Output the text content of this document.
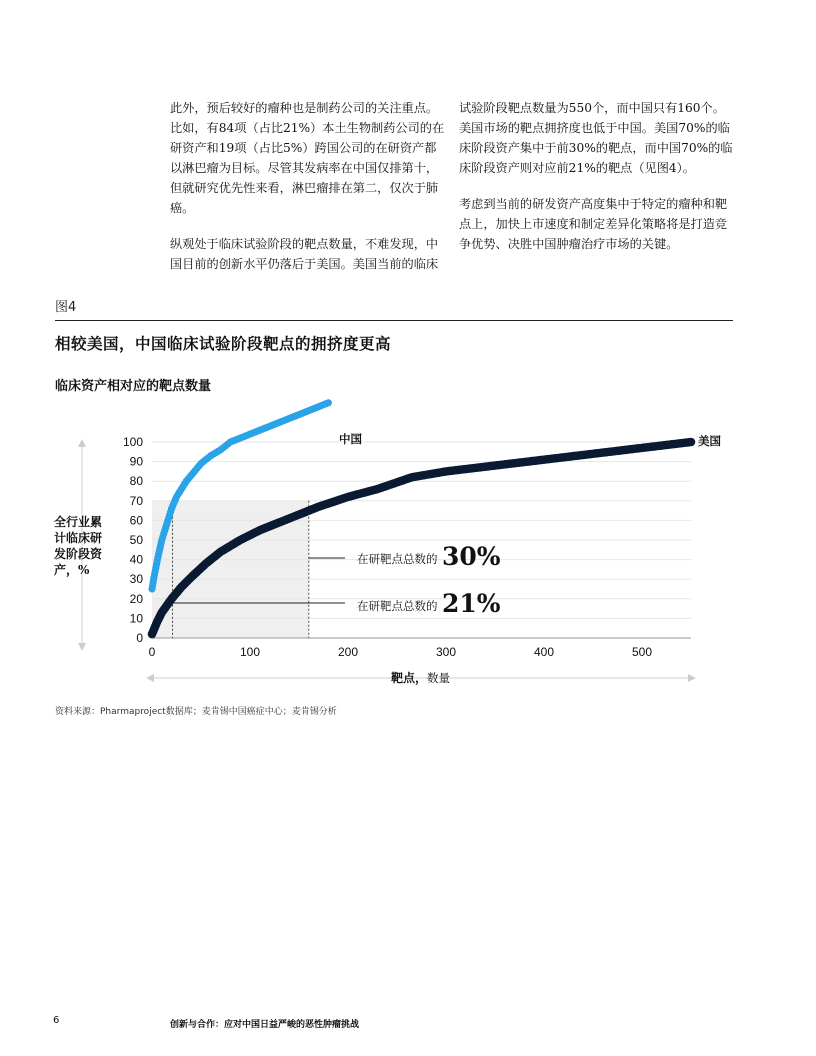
此外，预后较好的瘤种也是制药公司的关注重点。比如，有84项（占比21%）本土生物制药公司的在研资产和19项（占比5%）跨国公司的在研资产都以淋巴瘤为目标。尽管其发病率在中国仅排第十，但就研究优先性来看，淋巴瘤排在第二，仅次于肺癌。

纵观处于临床试验阶段的靶点数量，不难发现，中国目前的创新水平仍落后于美国。美国当前的临床

试验阶段靶点数量为550个，而中国只有160个。美国市场的靶点拥挤度也低于中国。美国70%的临床阶段资产集中于前30%的靶点，而中国70%的临床阶段资产则对应前21%的靶点（见图4）。

考虑到当前的研发资产高度集中于特定的瘤种和靶点上，加快上市速度和制定差异化策略将是打造竞争优势、决胜中国肿瘤治疗市场的关键。

图4
相较美国，中国临床试验阶段靶点的拥挤度更高
临床资产相对应的靶点数量
0
10
20
30
40
50
60
70
80
90
100
0	100	200	300	400	500
全行业累
计临床研
发阶段资
产，%
靶点，数量
在研靶点总数的 30%
在研靶点总数的 21%
中国	美国
资料来源：Pharmaproject数据库；麦肯锡中国癌症中心；麦肯锡分析
6	创新与合作：应对中国日益严峻的恶性肿瘤挑战
